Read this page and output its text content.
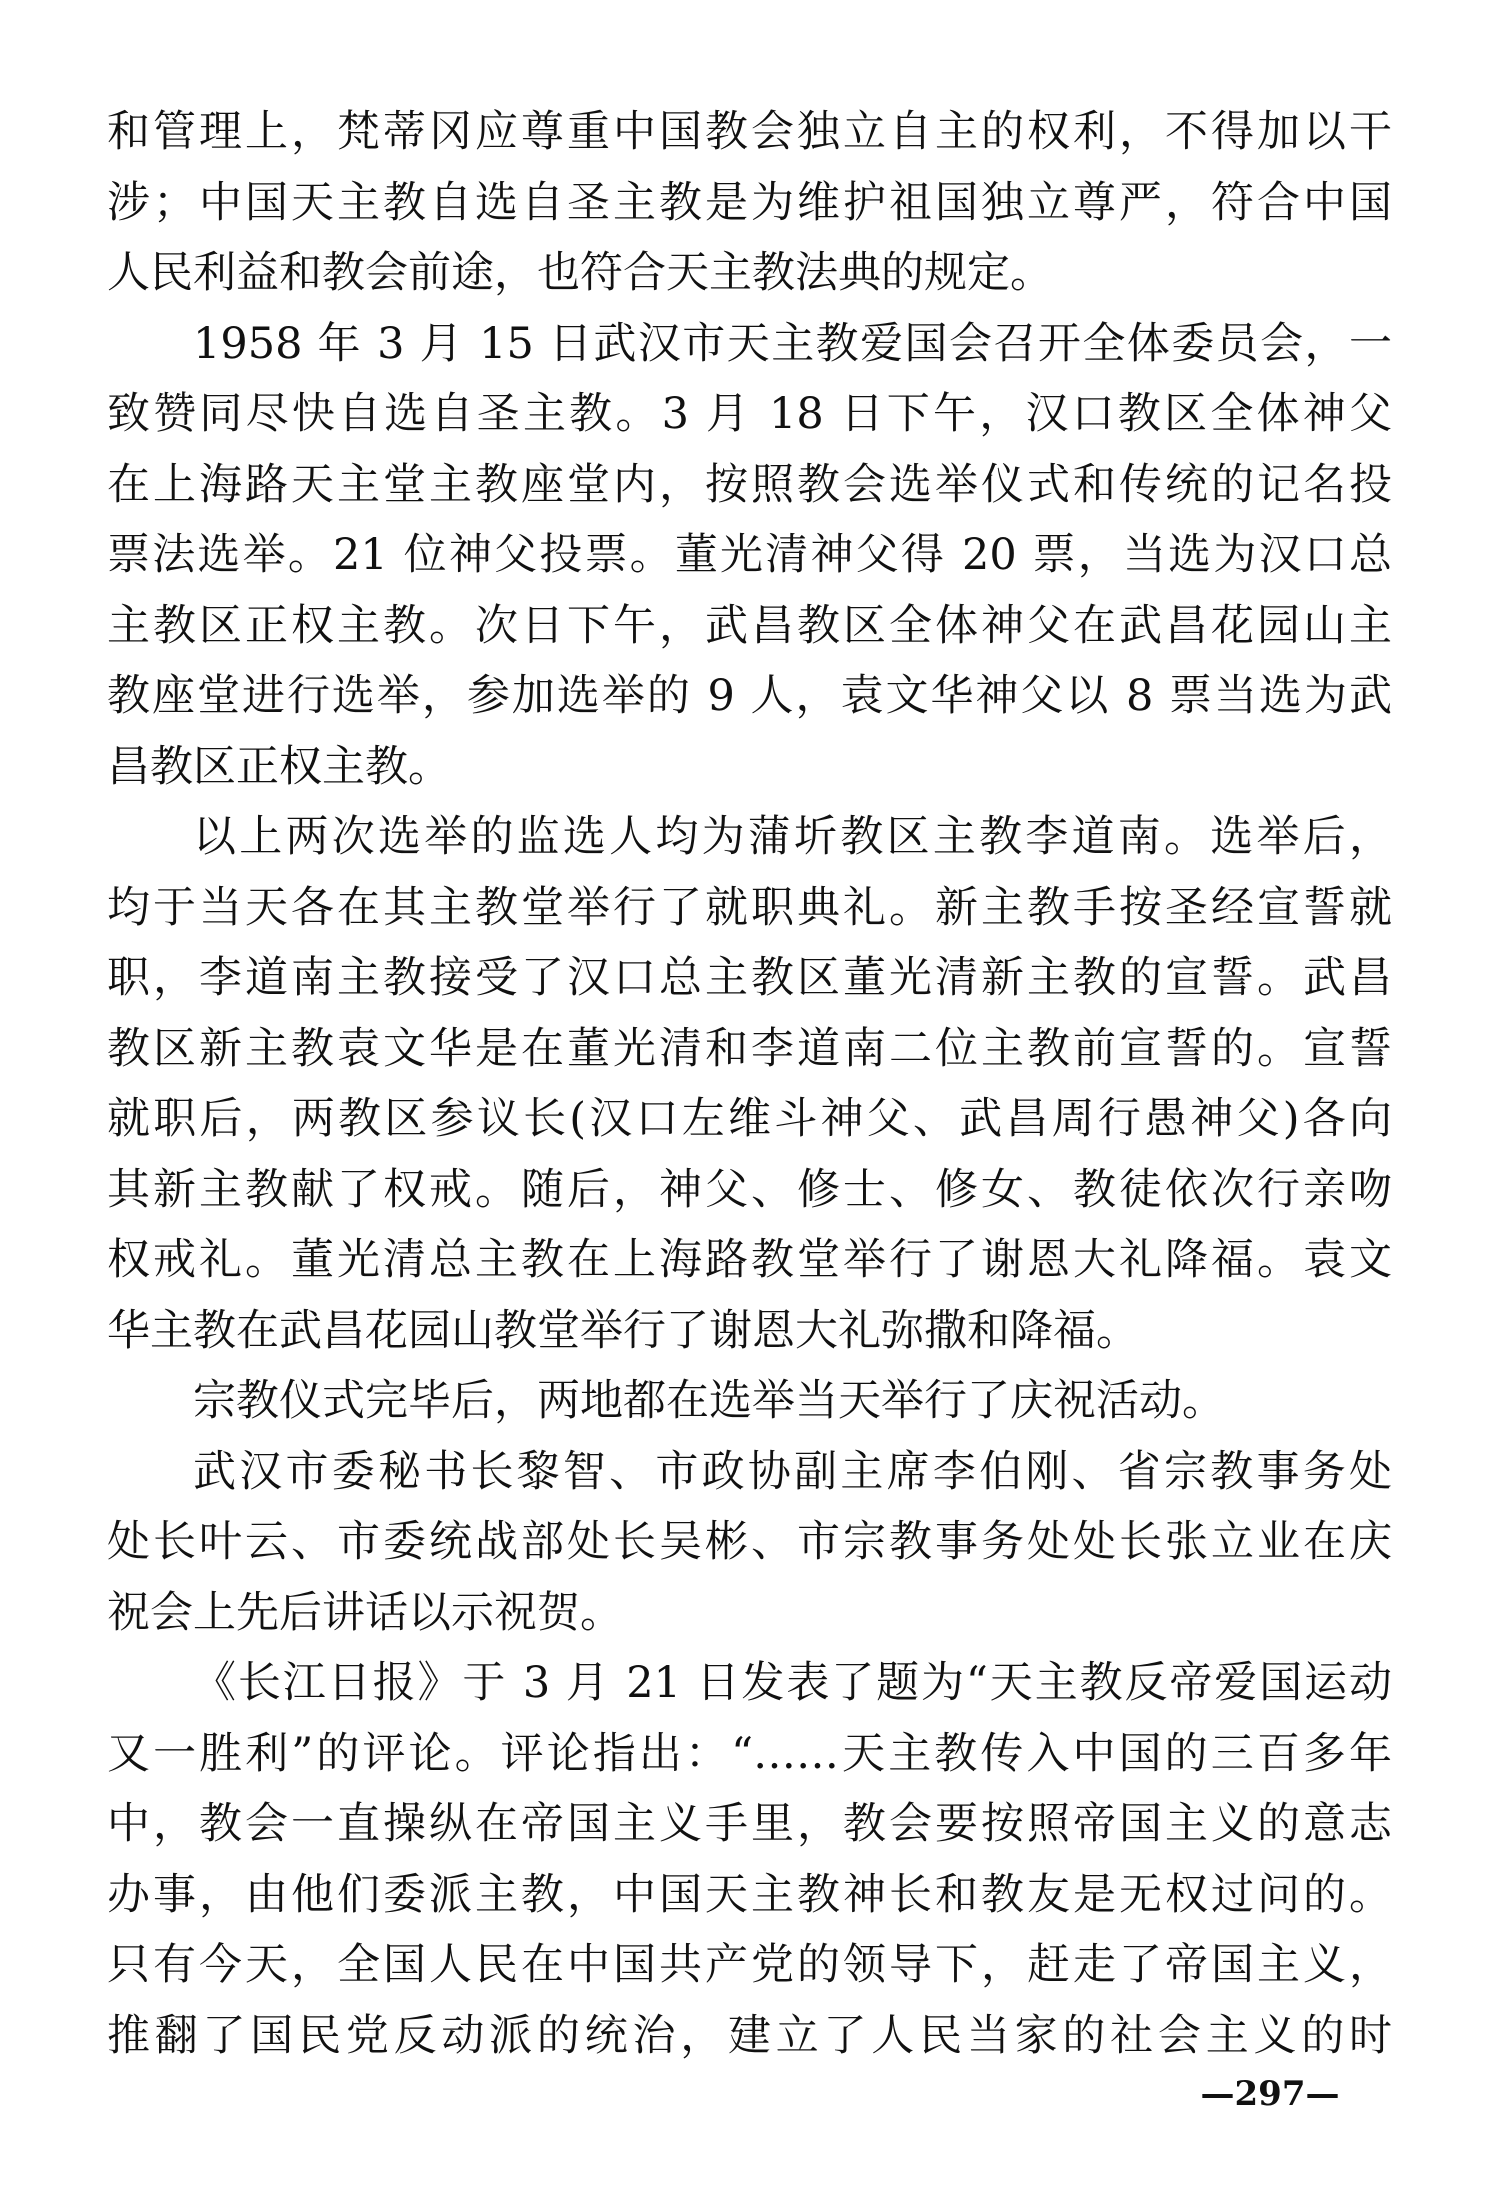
和管理上，梵蒂冈应尊重中国教会独立自主的权利，不得加以干
涉；中国天主教自选自圣主教是为维护祖国独立尊严，符合中国
人民利益和教会前途，也符合天主教法典的规定。
1958 年 3 月 15 日武汉市天主教爱国会召开全体委员会，一
致赞同尽快自选自圣主教。3 月 18 日下午，汉口教区全体神父
在上海路天主堂主教座堂内，按照教会选举仪式和传统的记名投
票法选举。21 位神父投票。董光清神父得 20 票，当选为汉口总
主教区正权主教。次日下午，武昌教区全体神父在武昌花园山主
教座堂进行选举，参加选举的 9 人，袁文华神父以 8 票当选为武
昌教区正权主教。
以上两次选举的监选人均为蒲圻教区主教李道南。选举后，
均于当天各在其主教堂举行了就职典礼。新主教手按圣经宣誓就
职，李道南主教接受了汉口总主教区董光清新主教的宣誓。武昌
教区新主教袁文华是在董光清和李道南二位主教前宣誓的。宣誓
就职后，两教区参议长(汉口左维斗神父、武昌周行愚神父)各向
其新主教献了权戒。随后，神父、修士、修女、教徒依次行亲吻
权戒礼。董光清总主教在上海路教堂举行了谢恩大礼降福。袁文
华主教在武昌花园山教堂举行了谢恩大礼弥撒和降福。
宗教仪式完毕后，两地都在选举当天举行了庆祝活动。
武汉市委秘书长黎智、市政协副主席李伯刚、省宗教事务处
处长叶云、市委统战部处长吴彬、市宗教事务处处长张立业在庆
祝会上先后讲话以示祝贺。
《长江日报》于 3 月 21 日发表了题为“天主教反帝爱国运动
又一胜利”的评论。评论指出：“……天主教传入中国的三百多年
中，教会一直操纵在帝国主义手里，教会要按照帝国主义的意志
办事，由他们委派主教，中国天主教神长和教友是无权过问的。
只有今天，全国人民在中国共产党的领导下，赶走了帝国主义，
推翻了国民党反动派的统治，建立了人民当家的社会主义的时
—297—
